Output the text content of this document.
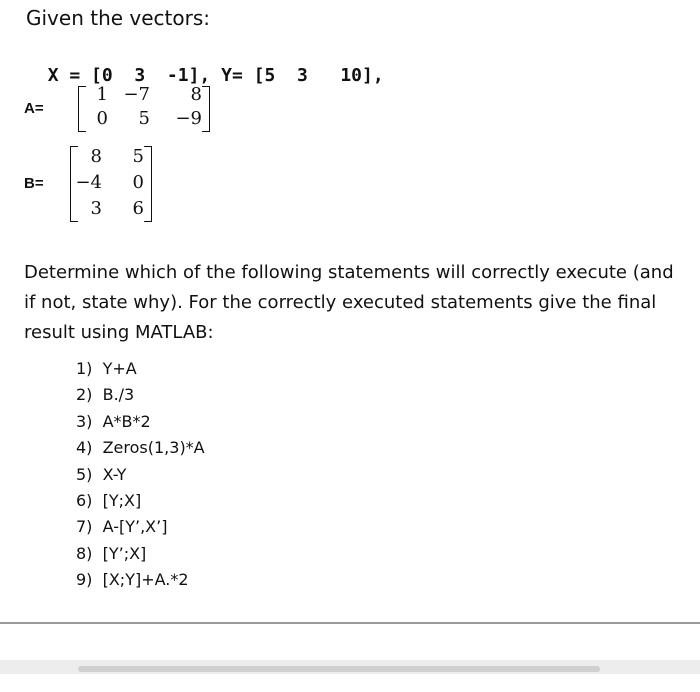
Given the vectors:

X = [0  3  -1], Y= [5  3   10],

A=
1 −7	8
0	5 −9
B=
8	5
−4	0
3	6
Determine which of the following statements will correctly execute (and if not, state why). For the correctly executed statements give the final result using MATLAB:
1)  Y+A
2)  B./3
3)  A*B*2
4)  Zeros(1,3)*A
5)  X-Y
6)  [Y;X]
7)  A-[Y’,X’]
8)  [Y’;X]
9)  [X;Y]+A.*2
